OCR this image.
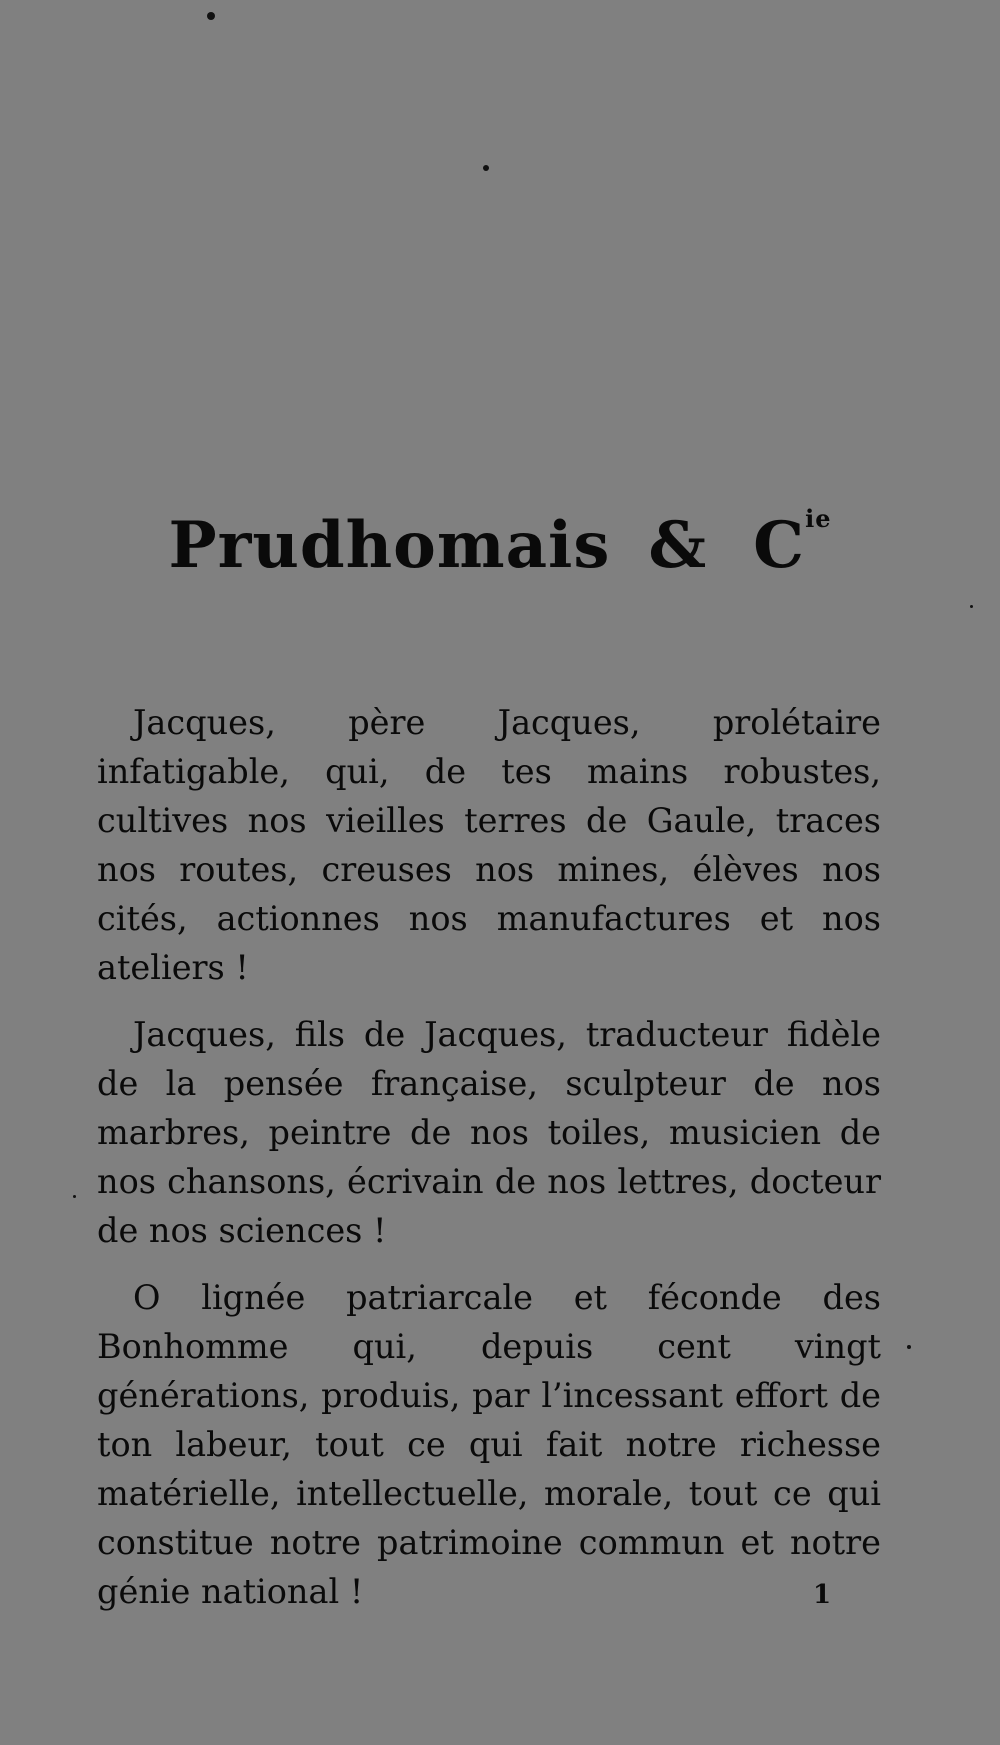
Prudhomais & $C^{ie}$

Jacques, père Jacques, prolétaire infatigable, qui, de tes mains robustes, cultives nos vieilles terres de Gaule, traces nos routes, creuses nos mines, élèves nos cités, actionnes nos manufactures et nos ateliers !

Jacques, fils de Jacques, traducteur fidèle de la pensée française, sculpteur de nos marbres, peintre de nos toiles, musicien de nos chansons, écrivain de nos lettres, docteur de nos sciences !

O lignée patriarcale et féconde des Bonhomme qui, depuis cent vingt générations, produis, par l’incessant effort de ton labeur, tout ce qui fait notre richesse matérielle, intellectuelle, morale, tout ce qui constitue notre patrimoine commun et notre génie national !	1
